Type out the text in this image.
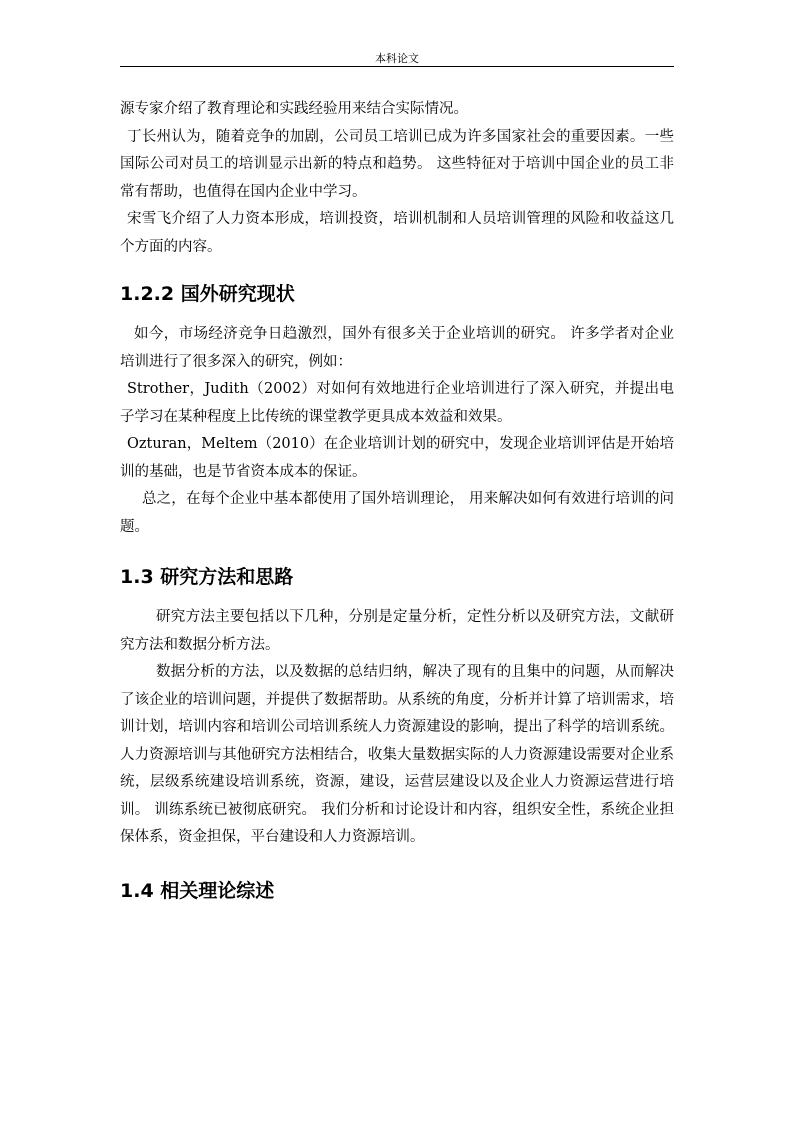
本科论文

源专家介绍了教育理论和实践经验用来结合实际情况。

丁长州认为，随着竞争的加剧，公司员工培训已成为许多国家社会的重要因素。一些国际公司对员工的培训显示出新的特点和趋势。 这些特征对于培训中国企业的员工非常有帮助，也值得在国内企业中学习。

宋雪飞介绍了人力资本形成，培训投资，培训机制和人员培训管理的风险和收益这几个方面的内容。

1.2.2 国外研究现状

如今，市场经济竞争日趋激烈，国外有很多关于企业培训的研究。 许多学者对企业培训进行了很多深入的研究，例如：

Strother，Judith（2002）对如何有效地进行企业培训进行了深入研究，并提出电子学习在某种程度上比传统的课堂教学更具成本效益和效果。

Ozturan，Meltem（2010）在企业培训计划的研究中，发现企业培训评估是开始培训的基础，也是节省资本成本的保证。

总之，在每个企业中基本都使用了国外培训理论， 用来解决如何有效进行培训的问题。

1.3 研究方法和思路

研究方法主要包括以下几种，分别是定量分析，定性分析以及研究方法，文献研究方法和数据分析方法。

数据分析的方法，以及数据的总结归纳，解决了现有的且集中的问题，从而解决了该企业的培训问题，并提供了数据帮助。从系统的角度，分析并计算了培训需求，培训计划，培训内容和培训公司培训系统人力资源建设的影响，提出了科学的培训系统。人力资源培训与其他研究方法相结合，收集大量数据实际的人力资源建设需要对企业系统，层级系统建设培训系统，资源，建设，运营层建设以及企业人力资源运营进行培训。 训练系统已被彻底研究。 我们分析和讨论设计和内容，组织安全性，系统企业担保体系，资金担保，平台建设和人力资源培训。

1.4 相关理论综述
